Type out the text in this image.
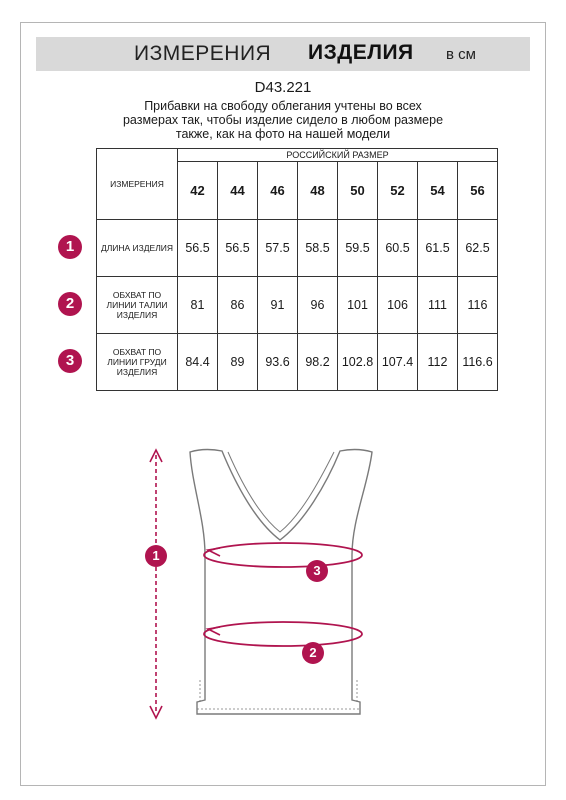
ИЗМЕРЕНИЯ ИЗДЕЛИЯ в см
D43.221
Прибавки на свободу облегания учтены во всех размерах так, чтобы изделие сидело в любом размере также, как на фото на нашей модели
ИЗМЕРЕНИЯ	РОССИЙСКИЙ РАЗМЕР							
	42	44	46	48	50	52	54	56
ДЛИНА ИЗДЕЛИЯ	56.5	56.5	57.5	58.5	59.5	60.5	61.5	62.5
ОБХВАТ ПО ЛИНИИ ТАЛИИ ИЗДЕЛИЯ	81	86	91	96	101	106	111	116
ОБХВАТ ПО ЛИНИИ ГРУДИ ИЗДЕЛИЯ	84.4	89	93.6	98.2	102.8	107.4	112	116.6
1
2
3
1
3
2
